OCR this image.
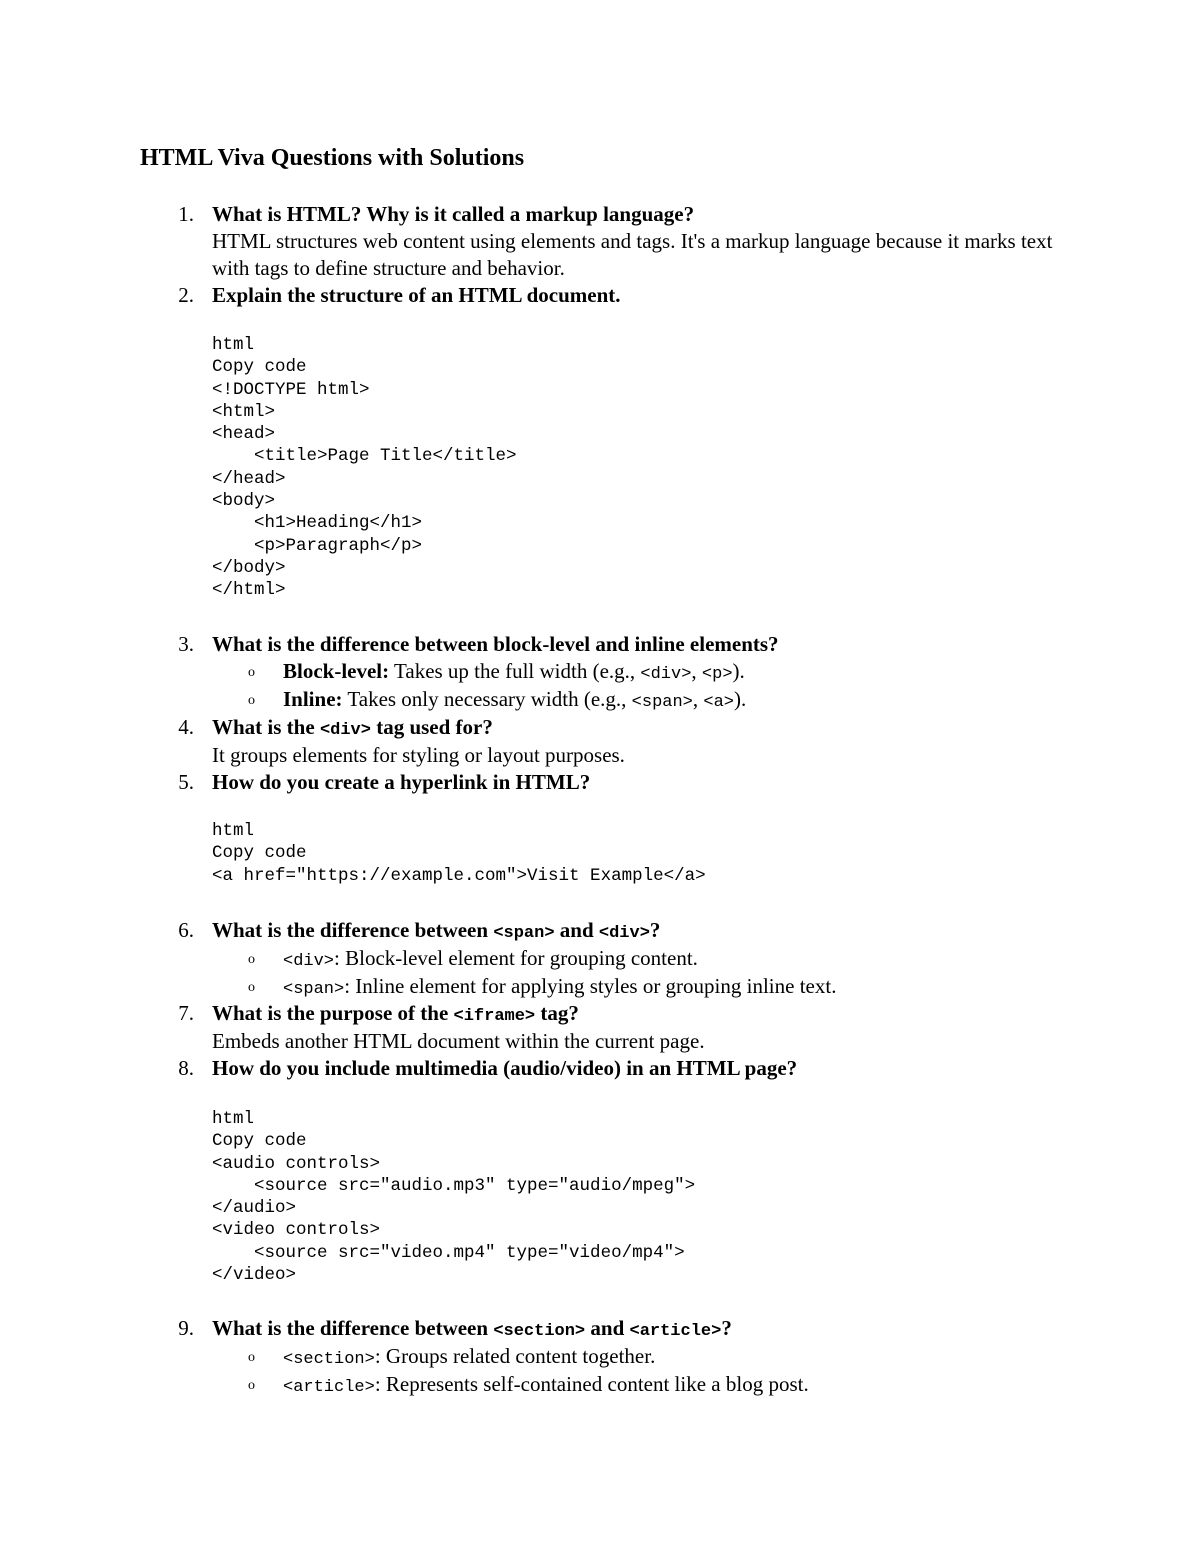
HTML Viva Questions with Solutions
1. What is HTML? Why is it called a markup language?
HTML structures web content using elements and tags. It's a markup language because it marks text with tags to define structure and behavior.
2. Explain the structure of an HTML document.
html
Copy code
<!DOCTYPE html>
<html>
<head>
<title>Page Title</title>
</head>
<body>
<h1>Heading</h1>
<p>Paragraph</p>
</body>
</html>
3. What is the difference between block-level and inline elements?
o Block-level: Takes up the full width (e.g., <div>, <p>).
o Inline: Takes only necessary width (e.g., <span>, <a>).
4. What is the <div> tag used for?
It groups elements for styling or layout purposes.
5. How do you create a hyperlink in HTML?
html
Copy code
<a href="https://example.com">Visit Example</a>
6. What is the difference between <span> and <div>?
o <div>: Block-level element for grouping content.
o <span>: Inline element for applying styles or grouping inline text.
7. What is the purpose of the <iframe> tag?
Embeds another HTML document within the current page.
8. How do you include multimedia (audio/video) in an HTML page?
html
Copy code
<audio controls>
<source src="audio.mp3" type="audio/mpeg">
</audio>
<video controls>
<source src="video.mp4" type="video/mp4">
</video>
9. What is the difference between <section> and <article>?
o <section>: Groups related content together.
o <article>: Represents self-contained content like a blog post.
